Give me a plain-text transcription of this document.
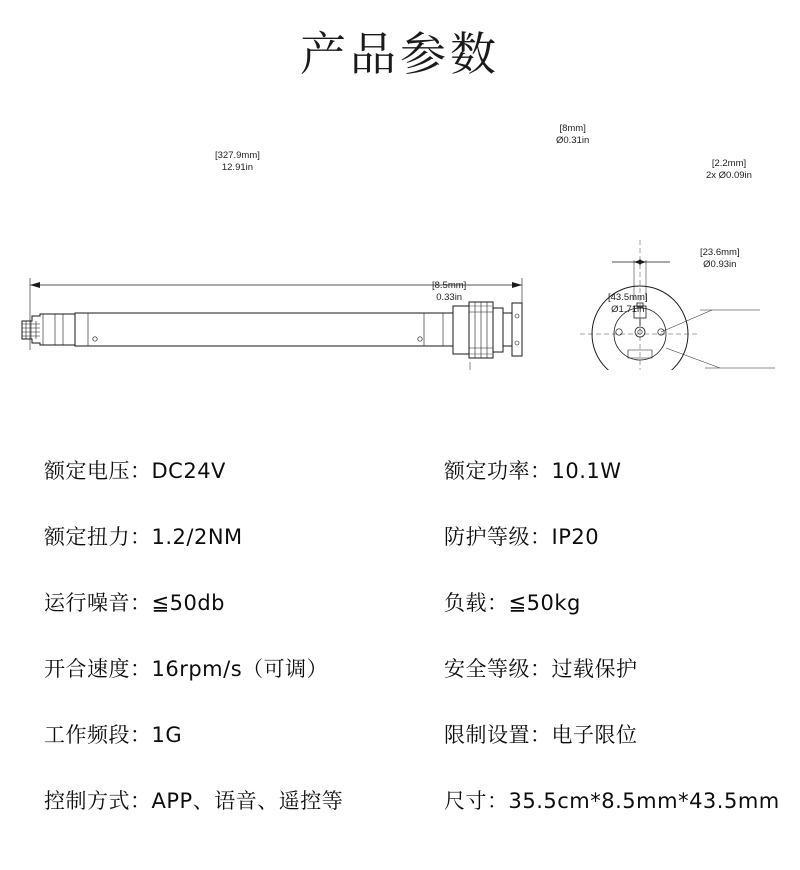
产品参数
[327.9mm]
12.91in
[8.5mm]
0.33in
[8mm]
Ø0.31in
[2.2mm]
2x Ø0.09in
[23.6mm]
Ø0.93in
[43.5mm]
Ø1.71in
额定电压：DC24V	额定功率：10.1W
额定扭力：1.2/2NM	防护等级：IP20
运行噪音：≦50db	负载：≦50kg
开合速度：16rpm/s（可调）	安全等级：过载保护
工作频段：1G	限制设置：电子限位
控制方式：APP、语音、遥控等	尺寸：35.5cm*8.5mm*43.5mm
